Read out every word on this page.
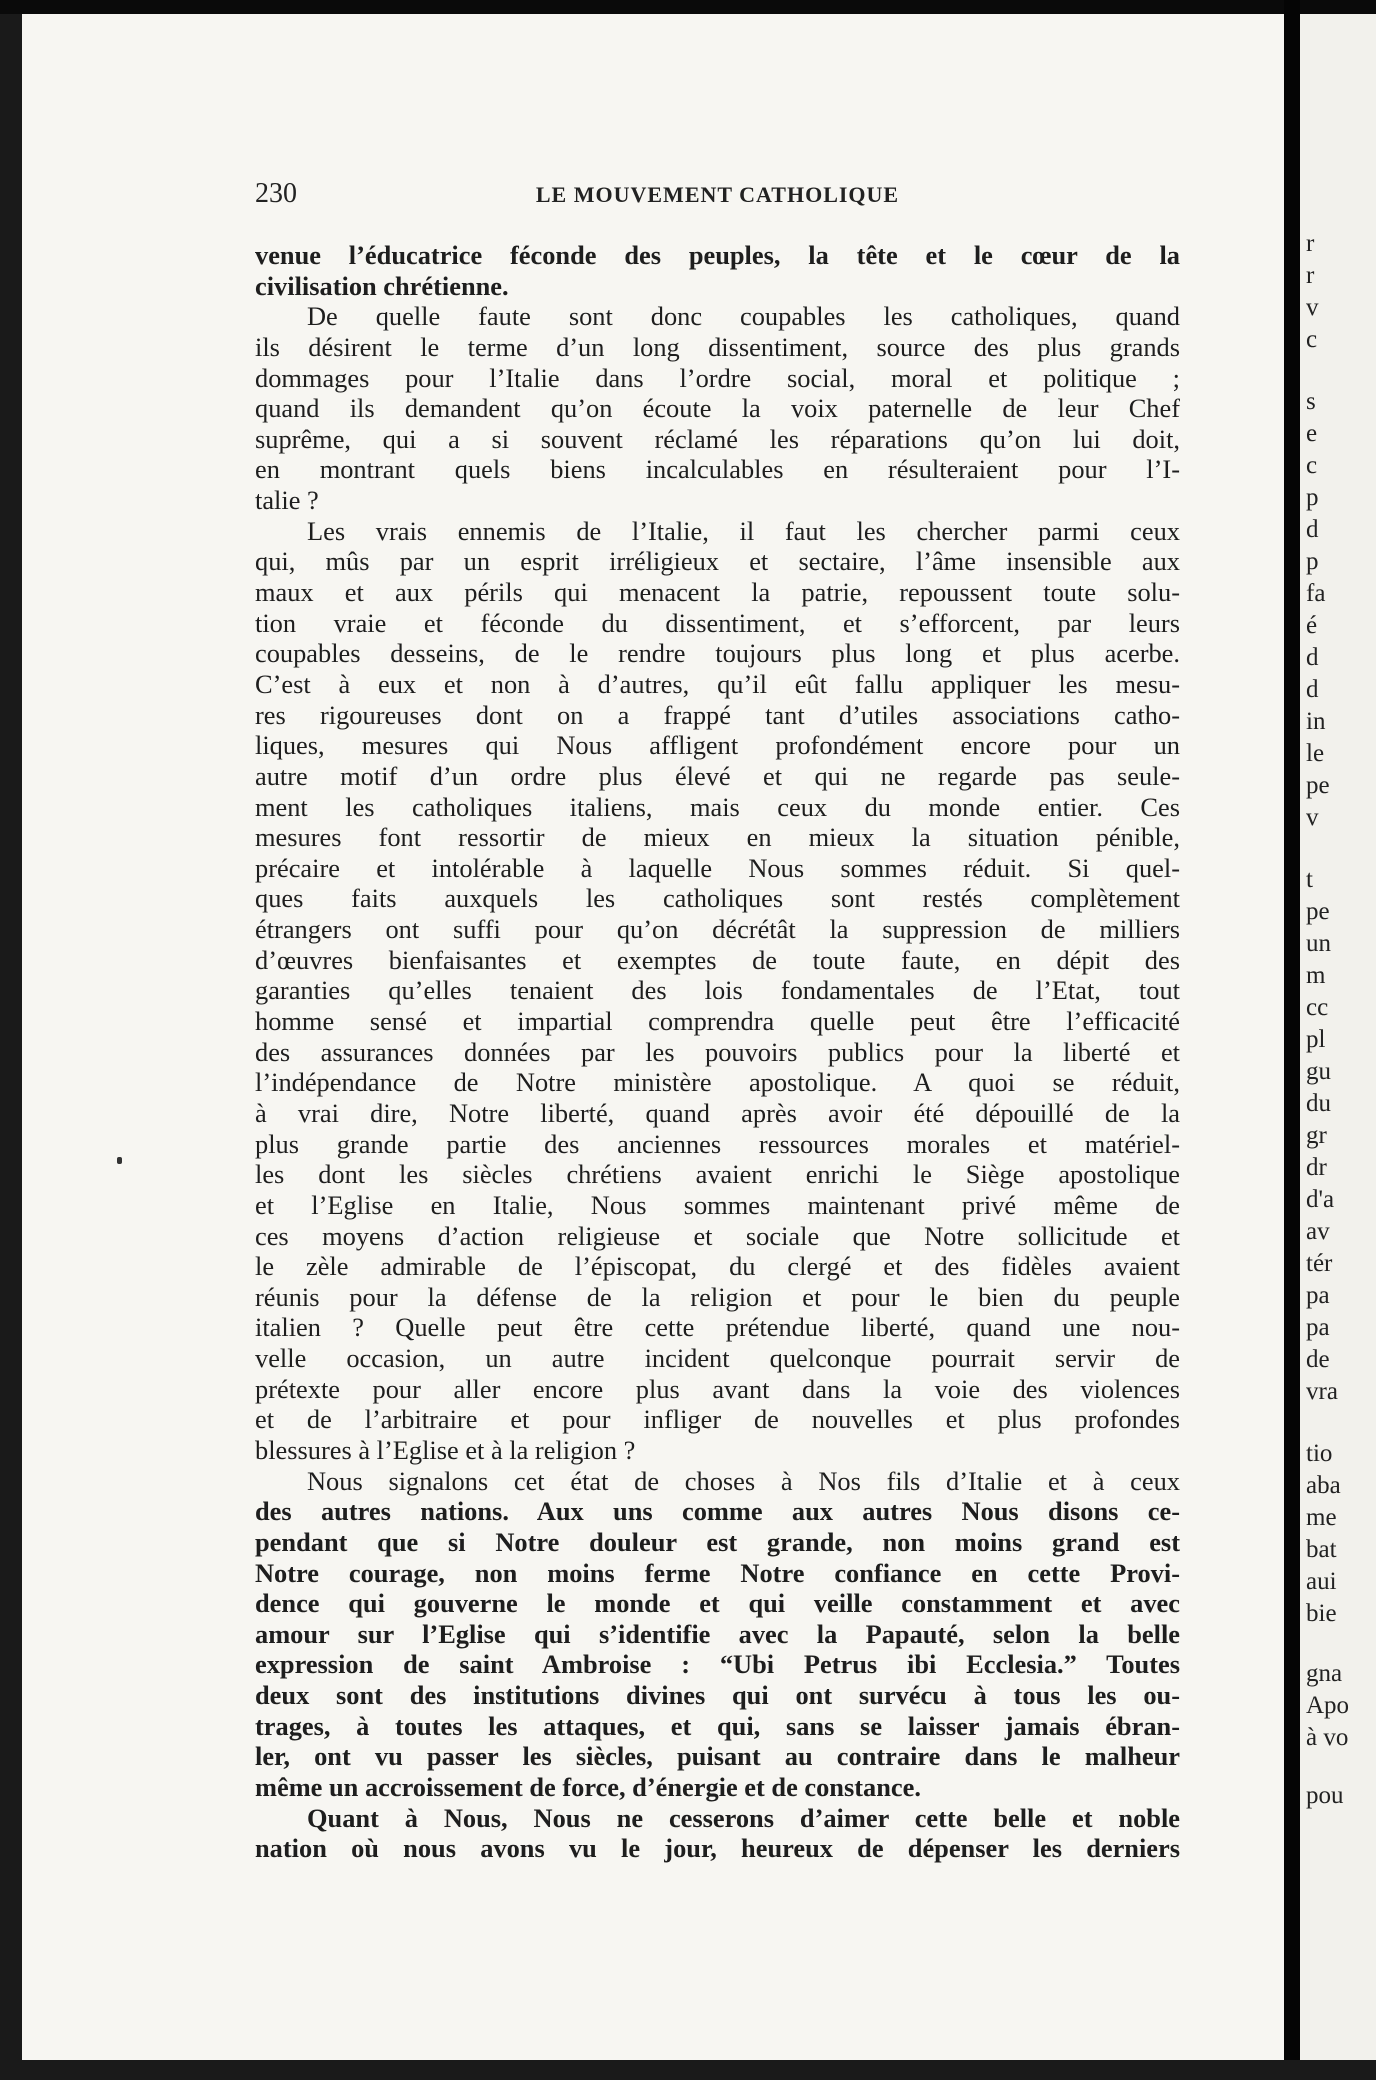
230	LE MOUVEMENT CATHOLIQUE
venue l’éducatrice féconde des peuples, la tête et le cœur de la
civilisation chrétienne.
De quelle faute sont donc coupables les catholiques, quand
ils désirent le terme d’un long dissentiment, source des plus grands
dommages pour l’Italie dans l’ordre social, moral et politique ;
quand ils demandent qu’on écoute la voix paternelle de leur Chef
suprême, qui a si souvent réclamé les réparations qu’on lui doit,
en montrant quels biens incalculables en résulteraient pour l’I-
talie ?
Les vrais ennemis de l’Italie, il faut les chercher parmi ceux
qui, mûs par un esprit irréligieux et sectaire, l’âme insensible aux
maux et aux périls qui menacent la patrie, repoussent toute solu-
tion vraie et féconde du dissentiment, et s’efforcent, par leurs
coupables desseins, de le rendre toujours plus long et plus acerbe.
C’est à eux et non à d’autres, qu’il eût fallu appliquer les mesu-
res rigoureuses dont on a frappé tant d’utiles associations catho-
liques, mesures qui Nous affligent profondément encore pour un
autre motif d’un ordre plus élevé et qui ne regarde pas seule-
ment les catholiques italiens, mais ceux du monde entier. Ces
mesures font ressortir de mieux en mieux la situation pénible,
précaire et intolérable à laquelle Nous sommes réduit. Si quel-
ques faits auxquels les catholiques sont restés complètement
étrangers ont suffi pour qu’on décrétât la suppression de milliers
d’œuvres bienfaisantes et exemptes de toute faute, en dépit des
garanties qu’elles tenaient des lois fondamentales de l’Etat, tout
homme sensé et impartial comprendra quelle peut être l’efficacité
des assurances données par les pouvoirs publics pour la liberté et
l’indépendance de Notre ministère apostolique. A quoi se réduit,
à vrai dire, Notre liberté, quand après avoir été dépouillé de la
plus grande partie des anciennes ressources morales et matériel-
les dont les siècles chrétiens avaient enrichi le Siège apostolique
et l’Eglise en Italie, Nous sommes maintenant privé même de
ces moyens d’action religieuse et sociale que Notre sollicitude et
le zèle admirable de l’épiscopat, du clergé et des fidèles avaient
réunis pour la défense de la religion et pour le bien du peuple
italien ? Quelle peut être cette prétendue liberté, quand une nou-
velle occasion, un autre incident quelconque pourrait servir de
prétexte pour aller encore plus avant dans la voie des violences
et de l’arbitraire et pour infliger de nouvelles et plus profondes
blessures à l’Eglise et à la religion ?
Nous signalons cet état de choses à Nos fils d’Italie et à ceux
des autres nations. Aux uns comme aux autres Nous disons ce-
pendant que si Notre douleur est grande, non moins grand est
Notre courage, non moins ferme Notre confiance en cette Provi-
dence qui gouverne le monde et qui veille constamment et avec
amour sur l’Eglise qui s’identifie avec la Papauté, selon la belle
expression de saint Ambroise : “Ubi Petrus ibi Ecclesia.” Toutes
deux sont des institutions divines qui ont survécu à tous les ou-
trages, à toutes les attaques, et qui, sans se laisser jamais ébran-
ler, ont vu passer les siècles, puisant au contraire dans le malheur
même un accroissement de force, d’énergie et de constance.
Quant à Nous, Nous ne cesserons d’aimer cette belle et noble
nation où nous avons vu le jour, heureux de dépenser les derniers
r
r
v
c
s
e
c
p
d
p
fa
é
d
d
in
le
pe
v
t
pe
un
m
cc
pl
gu
du
gr
dr
d'a
av
tér
pa
pa
de
vra
tio
aba
me
bat
aui
bie
gna
Apo
à vo
pou
